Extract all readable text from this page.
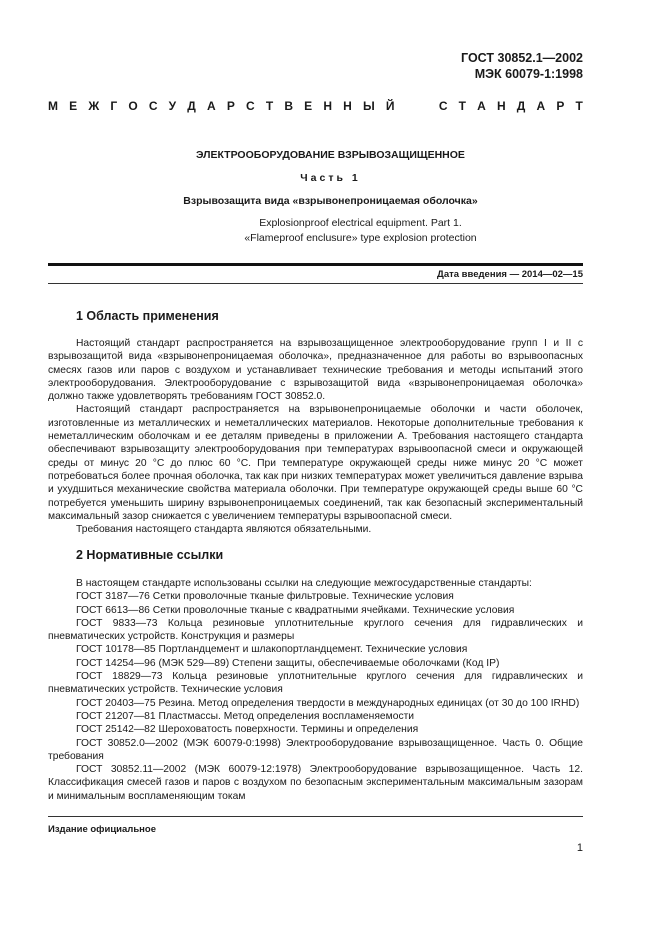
ГОСТ 30852.1—2002
МЭК 60079-1:1998
М Е Ж Г О С У Д А Р С Т В Е Н Н Ы Й	С Т А Н Д А Р Т
ЭЛЕКТРООБОРУДОВАНИЕ ВЗРЫВОЗАЩИЩЕННОЕ
Часть 1
Взрывозащита вида «взрывонепроницаемая оболочка»
Explosionproof electrical equipment. Part 1.
«Flameproof enclusure» type explosion protection
Дата введения — 2014—02—15
1 Область применения

Настоящий стандарт распространяется на взрывозащищенное электрооборудование групп I и II с взрывозащитой вида «взрывонепроницаемая оболочка», предназначенное для работы во взрывоопасных смесях газов или паров с воздухом и устанавливает технические требования и методы испытаний этого электрооборудования. Электрооборудование с взрывозащитой вида «взрывонепроницаемая оболочка» должно также удовлетворять требованиям ГОСТ 30852.0.

Настоящий стандарт распространяется на взрывонепроницаемые оболочки и части оболочек, изготовленные из металлических и неметаллических материалов. Некоторые дополнительные требования к неметаллическим оболочкам и ее деталям приведены в приложении А. Требования настоящего стандарта обеспечивают взрывозащиту электрооборудования при температурах взрывоопасной смеси и окружающей среды от минус 20 °С до плюс 60 °С. При температуре окружающей среды ниже минус 20 °С может потребоваться более прочная оболочка, так как при низких температурах может увеличиться давление взрыва и ухудшиться механические свойства материала оболочки. При температуре окружающей среды выше 60 °С потребуется уменьшить ширину взрывонепроницаемых соединений, так как безопасный экспериментальный максимальный зазор снижается с увеличением температуры взрывоопасной смеси.

Требования настоящего стандарта являются обязательными.

2 Нормативные ссылки

В настоящем стандарте использованы ссылки на следующие межгосударственные стандарты:

ГОСТ 3187—76 Сетки проволочные тканые фильтровые. Технические условия

ГОСТ 6613—86 Сетки проволочные тканые с квадратными ячейками. Технические условия

ГОСТ 9833—73 Кольца резиновые уплотнительные круглого сечения для гидравлических и пневматических устройств. Конструкция и размеры

ГОСТ 10178—85 Портландцемент и шлакопортландцемент. Технические условия

ГОСТ 14254—96 (МЭК 529—89) Степени защиты, обеспечиваемые оболочками (Код IP)

ГОСТ 18829—73 Кольца резиновые уплотнительные круглого сечения для гидравлических и пневматических устройств. Технические условия

ГОСТ 20403—75 Резина. Метод определения твердости в международных единицах (от 30 до 100 IRHD)

ГОСТ 21207—81 Пластмассы. Метод определения воспламеняемости

ГОСТ 25142—82 Шероховатость поверхности. Термины и определения

ГОСТ 30852.0—2002 (МЭК 60079-0:1998) Электрооборудование взрывозащищенное. Часть 0. Общие требования

ГОСТ 30852.11—2002 (МЭК 60079-12:1978) Электрооборудование взрывозащищенное. Часть 12. Классификация смесей газов и паров с воздухом по безопасным экспериментальным максимальным зазорам и минимальным воспламеняющим токам

Издание официальное
1
